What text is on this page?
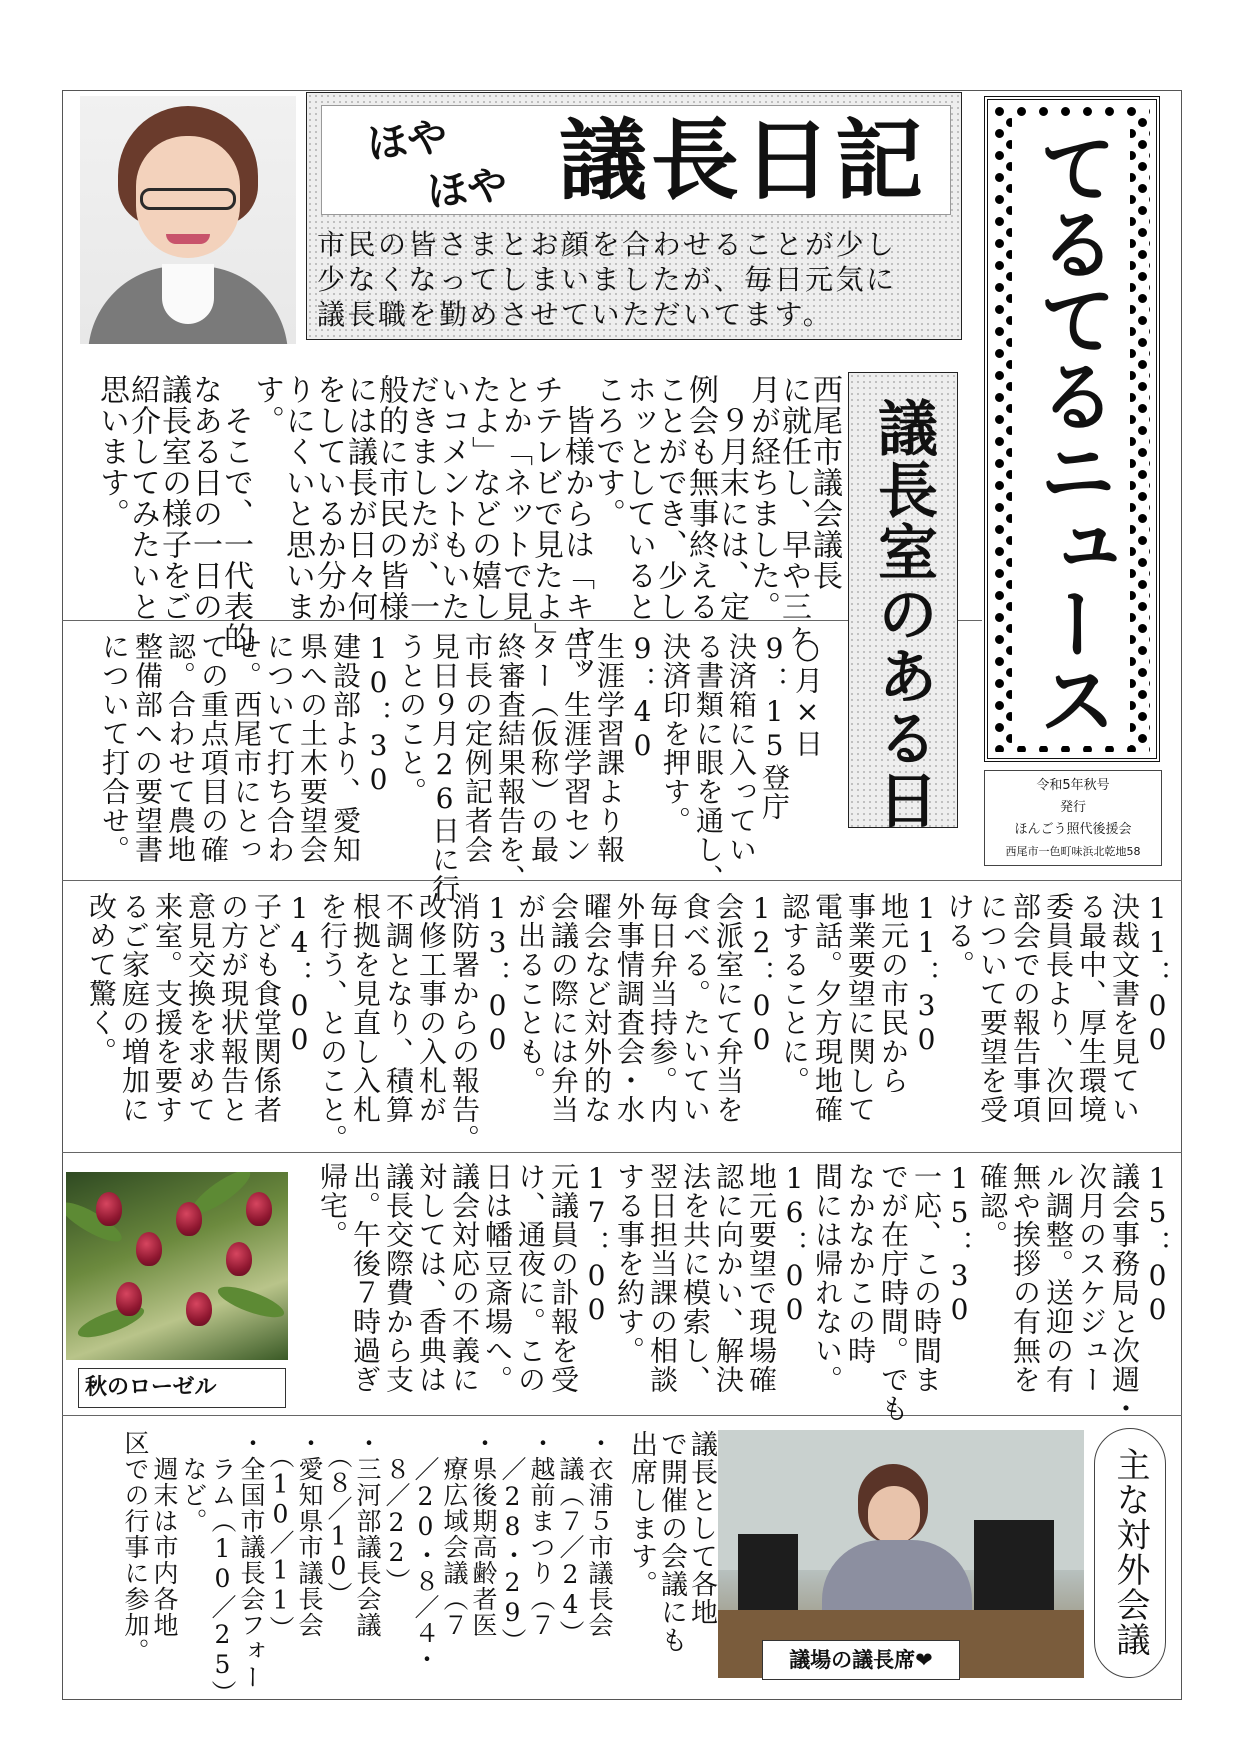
ほや
ほや 議長日記
市民の皆さまとお顔を合わせることが少し
少なくなってしまいましたが、毎日元気に
議長職を勤めさせていただいてます。	てるてるニュース
議長室のある日	令和5年秋号
発行
ほんごう照代後援会
西尾市一色町味浜北乾地58
西尾市議会議長
に就任し、早や三ヶ
月が経ちました。
　９月末には、定
例会も無事終える
ことができ、少し
ホッとしていると
ころです。
　皆様からは「キャッ
チテレビで見たよ」
とか「ネットで見
たよ」などの嬉し
いコメントもいた
だきましたが、一
般的に市民の皆様
には議長が日々何
をしているか分か
りにくいと思いま
す。
　そこで、一代表的
なある日の一日の
議長室の様子をご
紹介してみたいと
思います。
○月×日
9：15登庁
決済箱に入ってい
る書類に眼を通し、
決済印を押す。
9：40
生涯学習課より報
告。生涯学習セン
ター（仮称）の最
終審査結果報告を、
市長の定例記者会
見日９月26日に行
うとのこと。
10：30
建設部より、愛知
県への土木要望会
について打ち合わ
せ。西尾市にとっ
ての重点項目の確
認。合わせて農地
整備部への要望書
について打合せ。
11：00
決裁文書を見てい
る最中、厚生環境
委員長より、次回
部会での報告事項
について要望を受
ける。
11：30
地元の市民から
事業要望に関して
電話。夕方現地確
認することに。
12：00
会派室にて弁当を
食べる。たいてい
毎日弁当持参。内
外事情調査会・水
曜会など対外的な
会議の際には弁当
が出ることも。
13：00
消防署からの報告。
改修工事の入札が
不調となり、積算
根拠を見直し入札
を行う、とのこと。
14：00
子ども食堂関係者
の方が現状報告と
意見交換を求めて
来室。支援を要す
るご家庭の増加に
改めて驚く。
15：00
議会事務局と次週・
次月のスケジュー
ル調整。送迎の有
無や挨拶の有無を
確認。
15：30
一応、この時間ま
でが在庁時間。でも
なかなかこの時
間には帰れない。
16：00
地元要望で現場確
認に向かい、解決
法を共に模索し、
翌日担当課の相談
する事を約す。
17：00
元議員の訃報を受
け、通夜に。この
日は幡豆斎場へ。
議会対応の不義に
対しては、香典は
議長交際費から支
出。午後７時過ぎ
帰宅。
秋のローゼル
議場の議長席❤
主な対外会議
議長として各地
で開催の会議にも
出席します。
・衣浦５市議長会
　議（７／24）
・越前まつり（７
　／28・29）
・県後期高齢者医
　療広域会議（７
　／20・８／４・
　８／22）
・三河部議長会議
　（８／10）
・愛知県市議長会
　（10／11）
・全国市議長会フォー
　ラム（10／25）
　など。
　週末は市内各地
区での行事に参加。
